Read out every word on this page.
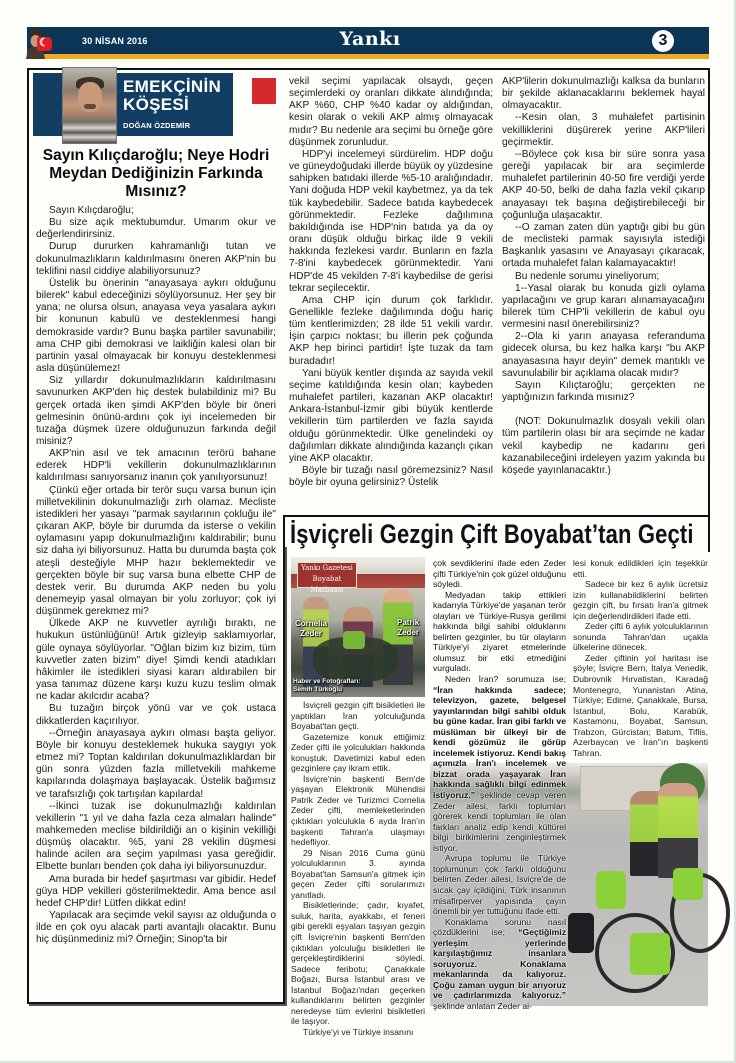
☾	30 NİSAN 2016	Yankı	3
EMEKÇİNİN
KÖŞESİ
DOĞAN ÖZDEMİR
Sayın Kılıçdaroğlu; Neye Hodri Meydan Dediğinizin Farkında Mısınız?

Sayın Kılıçdaroğlu;

Bu size açık mektubumdur. Umarım okur ve değerlendirirsiniz.

Durup dururken kahramanlığı tutan ve dokunulmazlıkların kaldırılmasını öneren AKP'nin bu teklifini nasıl ciddiye alabiliyorsunuz?

Üstelik bu önerinin "anayasaya aykırı olduğunu bilerek" kabul edeceğinizi söylüyorsunuz. Her şey bir yana; ne olursa olsun, anayasa veya yasalara aykırı bir konunun kabulü ve desteklenmesi hangi demokraside vardır? Bunu başka partiler savunabilir; ama CHP gibi demokrasi ve laikliğin kalesi olan bir partinin yasal olmayacak bir konuyu desteklenmesi asla düşünülemez!

Siz yıllardır dokunulmazlıkların kaldırılmasını savunurken AKP'den hiç destek bulabildiniz mi? Bu gerçek ortada iken şimdi AKP'den böyle bir öneri gelmesinin önünü-ardını çok iyi incelemeden bir tuzağa düşmek üzere olduğunuzun farkında değil misiniz?

AKP'nin asıl ve tek amacının terörü bahane ederek HDP'li vekillerin dokunulmazlıklarının kaldırılması sanıyorsanız inanın çok yanılıyorsunuz!

Çünkü eğer ortada bir terör suçu varsa bunun için milletvekilinin dokunulmazlığı zırh olamaz. Mecliste istedikleri her yasayı "parmak sayılarının çokluğu ile" çıkaran AKP, böyle bir durumda da isterse o vekilin oylamasını yapıp dokunulmazlığını kaldırabilir; bunu siz daha iyi biliyorsunuz. Hatta bu durumda başta çok ateşli desteğiyle MHP hazır beklemektedir ve gerçekten böyle bir suç varsa buna elbette CHP de destek verir. Bu durumda AKP neden bu yolu denemeyip yasal olmayan bir yolu zorluyor; çok iyi düşünmek gerekmez mi?

Ülkede AKP ne kuvvetler ayrılığı bıraktı, ne hukukun üstünlüğünü! Artık gizleyip saklamıyorlar, güle oynaya söylüyorlar. "Oğlan bizim kız bizim, tüm kuvvetler zaten bizim" diye! Şimdi kendi atadıkları hâkimler ile istedikleri siyasi kararı aldırabilen bir yasa tanımaz düzene karşı kuzu kuzu teslim olmak ne kadar akılcıdır acaba?

Bu tuzağın birçok yönü var ve çok ustaca dikkatlerden kaçırılıyor.

--Örneğin anayasaya aykırı olması başta geliyor. Böyle bir konuyu desteklemek hukuka saygıyı yok etmez mi? Toptan kaldırılan dokunulmazlıklardan bir gün sonra yüzden fazla milletvekili mahkeme kapılarında dolaşmaya başlayacak. Üstelik bağımsız ve tarafsızlığı çok tartışılan kapılarda!

--İkinci tuzak ise dokunulmazlığı kaldırılan vekillerin "1 yıl ve daha fazla ceza almaları halinde" mahkemeden meclise bildirildiği an o kişinin vekilliği düşmüş olacaktır. %5, yani 28 vekilin düşmesi halinde acilen ara seçim yapılması yasa gereğidir. Elbette bunları benden çok daha iyi biliyorsunuzdur.

Ama burada bir hedef şaşırtması var gibidir. Hedef güya HDP vekilleri gösterilmektedir. Ama bence asıl hedef CHP'dir! Lütfen dikkat edin!

Yapılacak ara seçimde vekil sayısı az olduğunda o ilde en çok oyu alacak parti avantajlı olacaktır. Bunu hiç düşünmediniz mi? Örneğin; Sinop'ta bir

vekil seçimi yapılacak olsaydı, geçen seçimlerdeki oy oranları dikkate alındığında; AKP %60, CHP %40 kadar oy aldığından, kesin olarak o vekili AKP almış olmayacak mıdır? Bu nedenle ara seçimi bu örneğe göre düşünmek zorunludur.

HDP'yi incelemeyi sürdürelim. HDP doğu ve güneydoğudaki illerde büyük oy yüzdesine sahipken batıdaki illerde %5-10 aralığındadır. Yani doğuda HDP vekil kaybetmez, ya da tek tük kaybedebilir. Sadece batıda kaybedecek görünmektedir. Fezleke dağılımına bakıldığında ise HDP'nin batıda ya da oy oranı düşük olduğu birkaç ilde 9 vekili hakkında fezlekesi vardır. Bunların en fazla 7-8'ini kaybedecek görünmektedir. Yani HDP'de 45 vekilden 7-8'i kaybedilse de gerisi tekrar seçilecektir.

Ama CHP için durum çok farklıdır. Genellikle fezleke dağılımında doğu hariç tüm kentlerimizden; 28 ilde 51 vekili vardır. İşin çarpıcı noktası; bu illerin pek çoğunda AKP hep birinci partidir! İşte tuzak da tam buradadır!

Yani büyük kentler dışında az sayıda vekil seçime katıldığında kesin olan; kaybeden muhalefet partileri, kazanan AKP olacaktır! Ankara-İstanbul-İzmir gibi büyük kentlerde vekillerin tüm partilerden ve fazla sayıda olduğu görünmektedir. Ülke genelindeki oy dağılımları dikkate alındığında kazançlı çıkan yine AKP olacaktır.

Böyle bir tuzağı nasıl göremezsiniz? Nasıl böyle bir oyuna gelirsiniz? Üstelik

AKP'lilerin dokunulmazlığı kalksa da bunların bir şekilde aklanacaklarını beklemek hayal olmayacaktır.

--Kesin olan, 3 muhalefet partisinin vekilliklerini düşürerek yerine AKP'lileri geçirmektir.

--Böylece çok kısa bir süre sonra yasa gereği yapılacak bir ara seçimlerde muhalefet partilerinin 40-50 fire verdiği yerde AKP 40-50, belki de daha fazla vekil çıkarıp anayasayı tek başına değiştirebileceği bir çoğunluğa ulaşacaktır.

--O zaman zaten dün yaptığı gibi bu gün de meclisteki parmak sayısıyla istediği Başkanlık yasasını ve Anayasayı çıkaracak, ortada muhalefet falan kalamayacaktır!

Bu nedenle sorumu yineliyorum;

1--Yasal olarak bu konuda gizli oylama yapılacağını ve grup kararı alınamayacağını bilerek tüm CHP'li vekillerin de kabul oyu vermesini nasıl önerebilirsiniz?

2--Ola ki yarın anayasa referanduma gidecek olursa, bu kez halka karşı "bu AKP anayasasına hayır deyin" demek mantıklı ve savunulabilir bir açıklama olacak mıdır?

Sayın Kılıçtaroğlu; gerçekten ne yaptığınızın farkında mısınız?

(NOT: Dokunulmazlık dosyalı vekili olan tüm partilerin olası bir ara seçimde ne kadar vekil kaybedip ne kadarını geri kazanabileceğini irdeleyen yazım yakında bu köşede yayınlanacaktır.)

İşviçreli Gezgin Çift Boyabat’tan Geçti
Yankı Gazetesi
Boyabat Matbaası
Cornelia
Zeder
Patrik
Zeder
Haber ve Fotoğrafları:
Semih Türkoğlu

İsviçreli gezgin çift bisikletleri ile yaptıkları İran yolculuğunda Boyabat'tan geçti.

Gazetemize konuk ettiğimiz Zeder çifti ile yolculukları hakkında konuştuk. Davetimizi kabul eden gezginlere çay ikram ettik.

İsviçre'nin başkenti Bern'de yaşayan Elektronik Mühendisi Patrik Zeder ve Turizmci Cornelia Zeder çifti, memleketlerinden çıktıkları yolculukla 6 ayda İran'ın başkenti Tahran'a ulaşmayı hedefliyor.

29 Nisan 2016 Cuma günü yolculuklarının 3. ayında Boyabat'tan Samsun'a gitmek için geçen Zeder çifti sorularımızı yanıtladı.

Bisikletlerinde; çadır, kıyafet, suluk, harita, ayakkabı, el feneri gibi gerekli eşyaları taşıyan gezgin çift İsviçre'nin başkenti Bern'den çıktıkları yolculuğu bisikletleri ile gerçekleştirdiklerini söyledi. Sadece feribotu; Çanakkale Boğazı, Bursa İstanbul arası ve İstanbul Boğazı'ndan geçerken kullandıklarını belirten gezginler neredeyse tüm evlerini bisikletleri ile taşıyor.

Türkiye'yi ve Türkiye insanını

çok sevdiklerini ifade eden Zeder çifti Türkiye'nin çok güzel olduğunu söyledi.

Medyadan takip ettikleri kadarıyla Türkiye'de yaşanan terör olayları ve Türkiye-Rusya gerilimi hakkında bilgi sahibi olduklarını belirten gezginler, bu tür olayların Türkiye'yi ziyaret etmelerinde olumsuz bir etki etmediğini vurguladı.

Neden İran? sorumuza ise; “İran hakkında sadece; televizyon, gazete, belgesel yayınlarından bilgi sahibi olduk bu güne kadar. İran gibi farklı ve müslüman bir ülkeyi bir de kendi gözümüz ile görüp incelemek istiyoruz. Kendi bakış açımızla İran'ı incelemek ve bizzat orada yaşayarak İran hakkında sağlıklı bilgi edinmek istiyoruz.” şeklinde cevap veren Zeder ailesi, farklı toplumları görerek kendi toplumları ile olan farkları analiz edip kendi kültürel bilgi birikimlerini zenginleştirmek istiyor.

Avrupa toplumu ile Türkiye toplumunun çok farklı olduğunu belirten Zeder ailesi, İsviçre'de de sıcak çay içildiğini, Türk insanının misafirperver yapısında çayın önemli bir yer tuttuğunu ifade etti.

Konaklama sorunu nasıl çözdüklerini ise; “Geçtiğimiz yerleşim yerlerinde karşılaştığımız insanlara soruyoruz. Konaklama mekanlarında da kalıyoruz. Çoğu zaman uygun bir arıyoruz ve çadırlarımızda kalıyoruz.” şeklinde anlatan Zeder ai-

lesi konuk edildikleri için teşekkür etti.

Sadece bir kez 6 aylık ücretsiz izin kullanabildiklerini belirten gezgin çift, bu fırsatı İran'a gitmek için değerlendirdikleri ifade etti.

Zeder çifti 6 aylık yolculuklarının sonunda Tahran'dan uçakla ülkelerine dönecek.

Zeder çiftinin yol haritası ise şöyle; İsviçre Bern, İtalya Venedik, Dubrovnik Hırvatistan, Karadağ Montenegro, Yunanistan Atina, Türkiye; Edirne, Çanakkale, Bursa, İstanbul, Bolu, Karabük, Kastamonu, Boyabat, Samsun, Trabzon, Gürcistan; Batum, Tiflis, Azerbaycan ve İran''ın başkenti Tahran.
